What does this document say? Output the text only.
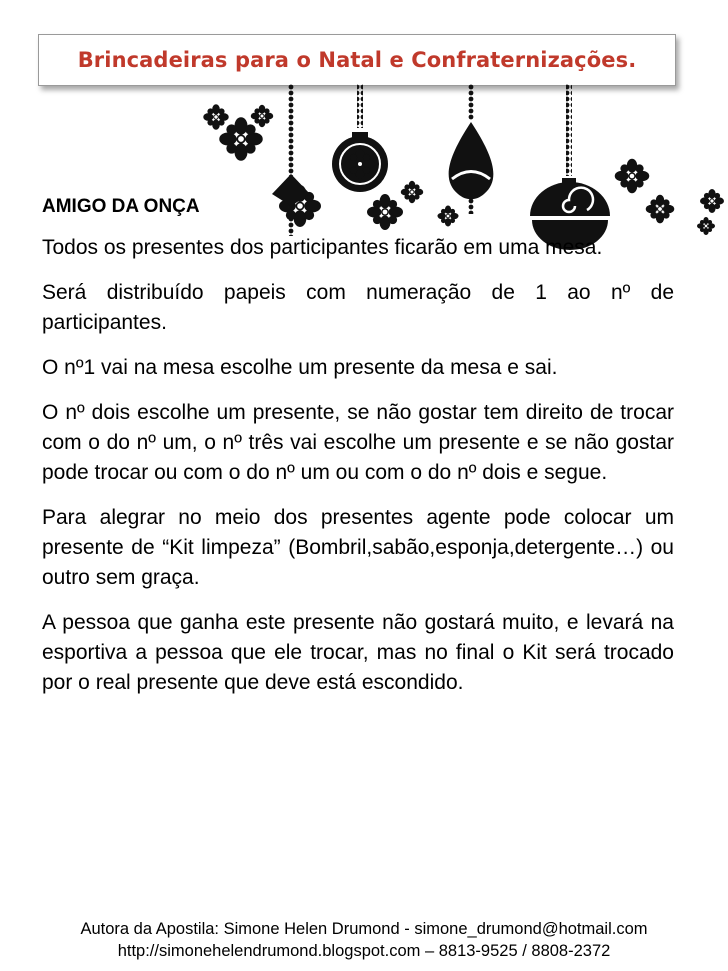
Brincadeiras para o Natal e Confraternizações.
AMIGO DA ONÇA

Todos os presentes dos participantes ficarão em uma mesa.

Será distribuído papeis com numeração de 1 ao nº de participantes.

O nº1 vai na mesa escolhe um presente da mesa e sai.

O nº dois escolhe um presente, se não gostar tem direito de trocar com o do nº um, o nº três vai escolhe um presente e se não gostar pode trocar ou com o do nº um ou com o do nº dois e segue.

Para alegrar no meio dos presentes agente pode colocar um presente de “Kit limpeza” (Bombril,sabão,esponja,detergente…) ou outro sem graça.

A pessoa que ganha este presente não gostará muito, e levará na esportiva a pessoa que ele trocar, mas no final o Kit será trocado por o real presente que deve está escondido.

Autora da Apostila: Simone Helen Drumond - simone_drumond@hotmail.com
http://simonehelendrumond.blogspot.com – 8813-9525 / 8808-2372
